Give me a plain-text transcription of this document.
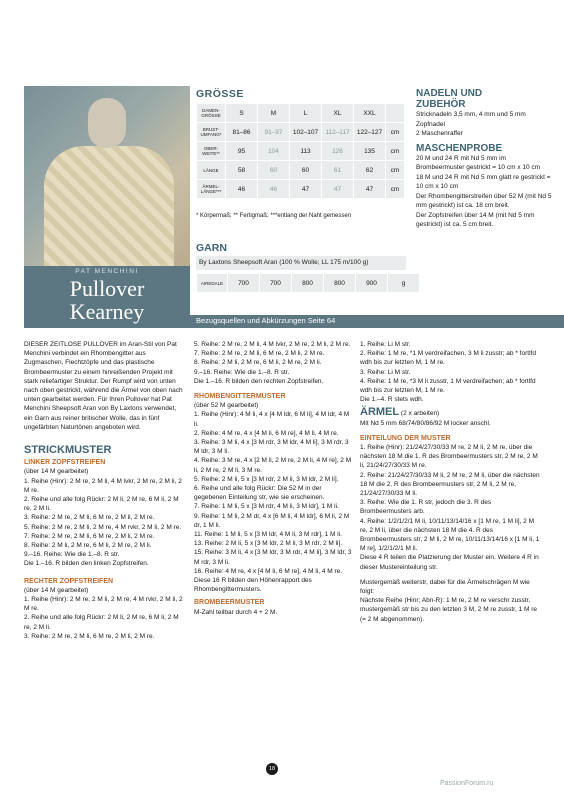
PAT MENCHINI
Pullover
Kearney	Bezugsquellen und Abkürzungen Seite 64
GRÖSSE
DAMEN-GRÖSSE	S	M	L	XL	XXL	
BRUST-UMFANG*	81–86	91–97	102–107	112–117	122–127	cm
OBER-WEITE**	95	104	113	126	135	cm
LÄNGE	58	60	60	61	62	cm
ÄRMEL-LÄNGE***	46	46	47	47	47	cm
* Körpermaß; ** Fertigmaß; ***entlang der Naht gemessen
GARN
By Laxtons Sheepsoft Aran (100 % Wolle; LL 175 m/100 g)
AIREDALE	700	700	800	800	900	g
NADELN UND ZUBEHÖR
Stricknadeln 3,5 mm, 4 mm und 5 mm
Zopfnadel
2 Maschenraffer
MASCHENPROBE
20 M und 24 R mit Nd 5 mm im Brombeermuster gestrickt = 10 cm x 10 cm
18 M und 24 R mit Nd 5 mm glatt re gestrickt = 10 cm x 10 cm
Der Rhombengitterstreifen über 52 M (mit Nd 5 mm gestrickt) ist ca. 18 cm breit.
Der Zopfstreifen über 14 M (mit Nd 5 mm gestrickt) ist ca. 5 cm breit.

DIESER ZEITLOSE PULLOVER im Aran-Stil von Pat Menchini verbindet ein Rhombengitter aus Zugmaschen, Flechtzöpfe und das plastische Brombeermuster zu einem hinreißenden Projekt mit stark reliefartiger Struktur. Der Rumpf wird von unten nach oben gestrickt, während die Ärmel von oben nach unten gearbeitet werden. Für Ihren Pullover hat Pat Menchini Sheepsoft Aran von By Laxtons verwendet, ein Garn aus reiner britischer Wolle, das in fünf ungefärbten Naturtönen angeboten wird.

STRICKMUSTER
LINKER ZOPFSTREIFEN

(über 14 M gearbeitet)

1. Reihe (Hinr): 2 M re, 2 M li, 4 M lvkr, 2 M re, 2 M li, 2 M re.

2. Reihe und alle folg Rückr: 2 M li, 2 M re, 6 M li, 2 M re, 2 M li.

3. Reihe: 2 M re, 2 M li, 6 M re, 2 M li, 2 M re.

5. Reihe: 2 M re, 2 M li, 2 M re, 4 M rvkr, 2 M li, 2 M re.

7. Reihe: 2 M re, 2 M li, 6 M re, 2 M li, 2 M re.

8. Reihe: 2 M li, 2 M re, 6 M li, 2 M re, 2 M li.

9.–16. Reihe: Wie die 1.–8. R str.

Die 1.–16. R bilden den linken Zopfstreifen.

RECHTER ZOPFSTREIFEN

(über 14 M gearbeitet)

1. Reihe (Hinr): 2 M re, 2 M li, 2 M re, 4 M rvkr, 2 M li, 2 M re.

2. Reihe und alle folg Rückr: 2 M li, 2 M re, 6 M li, 2 M re, 2 M li.

3. Reihe: 2 M re, 2 M li, 6 M re, 2 M li, 2 M re.

5. Reihe: 2 M re, 2 M li, 4 M lvkr, 2 M re, 2 M li, 2 M re.

7. Reihe: 2 M re, 2 M li, 6 M re, 2 M li, 2 M re.

8. Reihe: 2 M li, 2 M re, 6 M li, 2 M re, 2 M li.

9.–16. Reihe: Wie die 1.–8. R str.

Die 1.–16. R bilden den rechten Zopfstreifen.

RHOMBENGITTERMUSTER

(über 52 M gearbeitet)

1. Reihe (Hinr): 4 M li, 4 x [4 M ldr, 6 M li], 4 M ldr, 4 M li.

2. Reihe: 4 M re, 4 x [4 M li, 6 M re], 4 M li, 4 M re.

3. Reihe: 3 M li, 4 x [3 M rdr, 3 M ldr, 4 M li], 3 M rdr, 3 M ldr, 3 M li.

4. Reihe: 3 M re, 4 x [2 M li, 2 M re, 2 M li, 4 M re], 2 M li, 2 M re, 2 M li, 3 M re.

5. Reihe: 2 M li, 5 x [3 M rdr, 2 M li, 3 M ldr, 2 M li].

6. Reihe und alle folg Rückr: Die 52 M in der gegebenen Einteilung str, wie sie erscheinen.

7. Reihe: 1 M li, 5 x [3 M rdr, 4 M li, 3 M ldr], 1 M li.

9. Reihe: 1 M li, 2 M dr, 4 x [6 M li, 4 M ldr], 6 M li, 2 M dr, 1 M li.

11. Reihe: 1 M li, 5 x [3 M ldr, 4 M li, 3 M rdr], 1 M li.

13. Reihe: 2 M li, 5 x [3 M ldr, 2 M li, 3 M rdr, 2 M li].

15. Reihe: 3 M li, 4 x [3 M ldr, 3 M rdr, 4 M li], 3 M ldr, 3 M rdr, 3 M li.

16. Reihe: 4 M re, 4 x [4 M li, 6 M re], 4 M li, 4 M re.

Diese 16 R bilden den Höhenrapport des Rhombengittermusters.

BROMBEERMUSTER

M-Zahl teilbar durch 4 + 2 M.

1. Reihe: Li M str.

2. Reihe: 1 M re, *1 M verdreifachen, 3 M li zusstr; ab * fortlfd wdh bis zur letzten M, 1 M re.

3. Reihe: Li M str.

4. Reihe: 1 M re, *3 M li zusstr, 1 M verdreifachen; ab * fortlfd wdh bis zur letzten M, 1 M re.

Die 1.–4. R stets wdh.

ÄRMEL (2 x arbeiten)

Mit Nd 5 mm 68/74/80/86/92 M locker anschl.

EINTEILUNG DER MUSTER

1. Reihe (Hinr): 21/24/27/30/33 M re, 2 M li, 2 M re, über die nächsten 18 M die 1. R des Brombeermusters str, 2 M re, 2 M li, 21/24/27/30/33 M re.

2. Reihe: 21/24/27/30/33 M li, 2 M re, 2 M li, über die nächsten 18 M die 2. R des Brombeermusters str, 2 M li, 2 M re, 21/24/27/30/33 M li.

3. Reihe: Wie die 1. R str, jedoch die 3. R des Brombeermusters arb.

4. Reihe: 1/2/1/2/1 M li, 10/11/13/14/16 x [1 M re, 1 M li], 2 M re, 2 M li, über die nächsten 18 M die 4. R des Brombeermusters str, 2 M li, 2 M re, 10/11/13/14/16 x [1 M li, 1 M re], 1/2/1/2/1 M li.

Diese 4 R teilen die Platzierung der Muster ein. Weitere 4 R in dieser Mustereinteilung str.

Mustergemäß weiterstr, dabei für die Ärmelschrägen M wie folgt:

Nächste Reihe (Hinr; Abn-R): 1 M re, 2 M re verschr zusstr, mustergemäß str bis zu den letzten 3 M, 2 M re zusstr, 1 M re (= 2 M abgenommen).

18
PassionForum.ru
